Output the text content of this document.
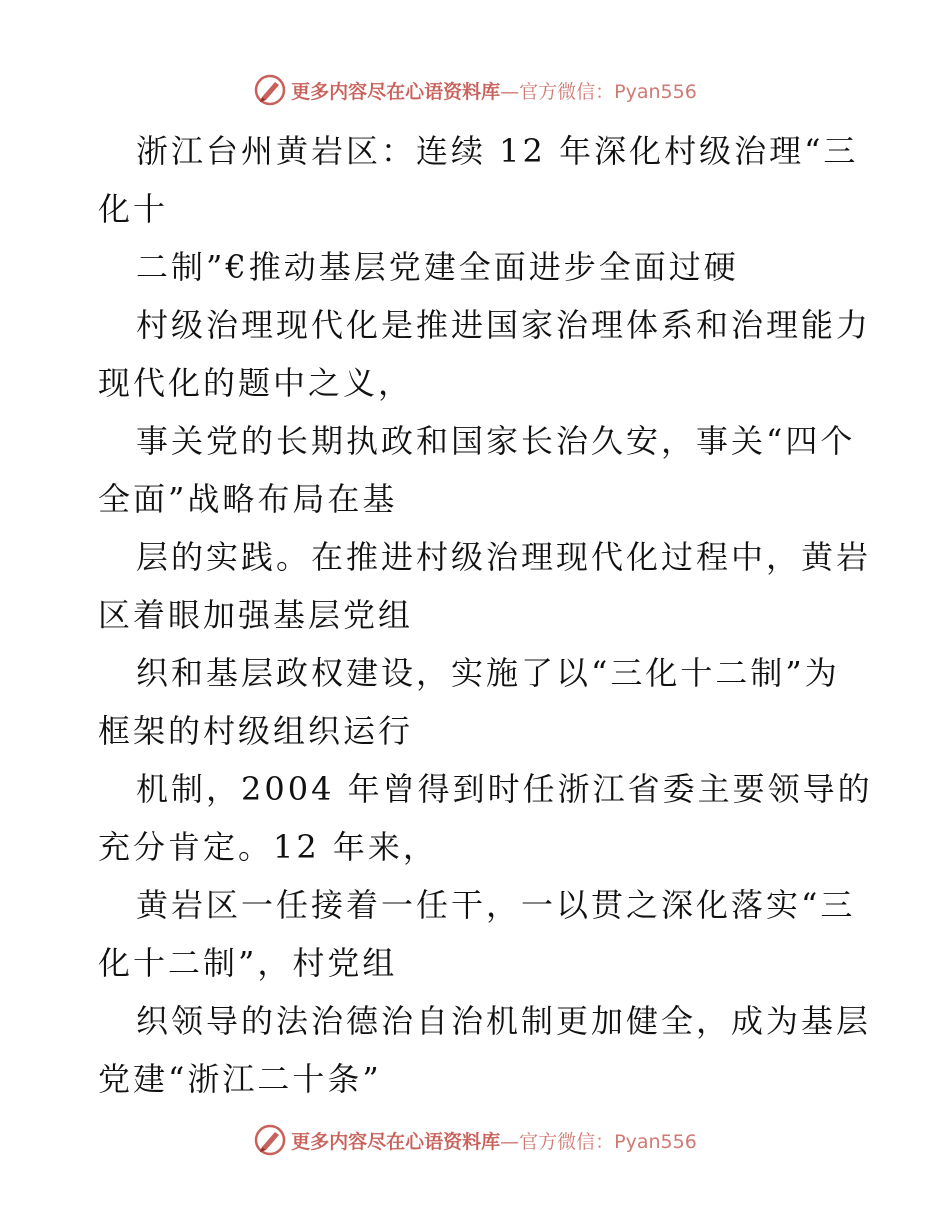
更多内容尽在心语资料库—官方微信：Pyan556
浙江台州黄岩区：连续 12 年深化村级治理“三
化十
二制”€推动基层党建全面进步全面过硬
村级治理现代化是推进国家治理体系和治理能力
现代化的题中之义，
事关党的长期执政和国家长治久安，事关“四个
全面”战略布局在基
层的实践。在推进村级治理现代化过程中，黄岩
区着眼加强基层党组
织和基层政权建设，实施了以“三化十二制”为
框架的村级组织运行
机制，2004 年曾得到时任浙江省委主要领导的
充分肯定。12 年来，
黄岩区一任接着一任干，一以贯之深化落实“三
化十二制”，村党组
织领导的法治德治自治机制更加健全，成为基层
党建“浙江二十条”
更多内容尽在心语资料库—官方微信：Pyan556
